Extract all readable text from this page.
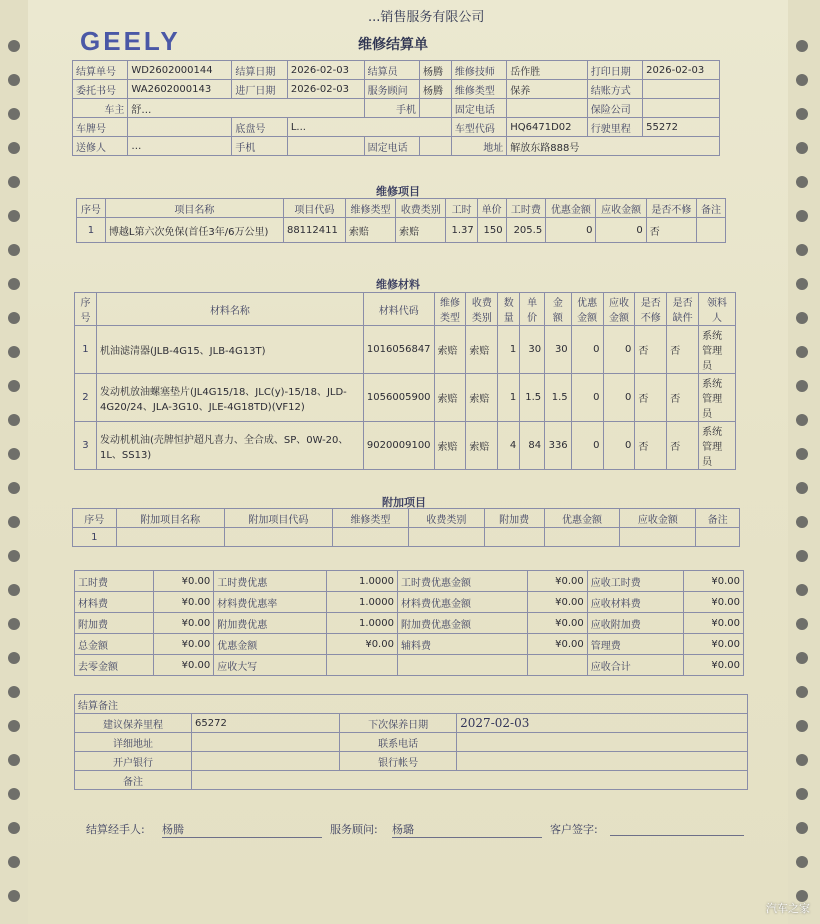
...销售服务有限公司
GEELY	维修结算单
结算单号	WD2602000144	结算日期	2026-02-03	结算员	杨腾	维修技师	岳作胜	打印日期	2026-02-03
委托书号	WA2602000143	进厂日期	2026-02-03	服务顾问	杨腾	维修类型	保养	结账方式	
车主	舒…			手机		固定电话		保险公司	
车牌号		底盘号	L...			车型代码	HQ6471D02	行驶里程	55272
送修人	…	手机		固定电话		地址	解放东路888号		
维修项目
序号	项目名称	项目代码	维修类型	收费类别	工时	单价	工时费	优惠金额	应收金额	是否不修	备注
1	博越L第六次免保(首任3年/6万公里)	88112411	索赔	索赔	1.37	150	205.5	0	0	否	
维修材料
序号	材料名称	材料代码	维修类型	收费类别	数量	单价	金额	优惠金额	应收金额	是否不修	是否缺件	领料人
1	机油滤清器(JLB-4G15、JLB-4G13T)	1016056847	索赔	索赔	1	30	30	0	0	否	否	系统管理员
2	发动机放油螺塞垫片(JL4G15/18、JLC(y)-15/18、JLD-4G20/24、JLA-3G10、JLE-4G18TD)(VF12)	1056005900	索赔	索赔	1	1.5	1.5	0	0	否	否	系统管理员
3	发动机机油(壳牌恒护超凡喜力、全合成、SP、0W-20、1L、SS13)	9020009100	索赔	索赔	4	84	336	0	0	否	否	系统管理员
附加项目
序号	附加项目名称	附加项目代码	维修类型	收费类别	附加费	优惠金额	应收金额	备注
1								
工时费	¥0.00	工时费优惠	1.0000	工时费优惠金额	¥0.00	应收工时费	¥0.00
材料费	¥0.00	材料费优惠率	1.0000	材料费优惠金额	¥0.00	应收材料费	¥0.00
附加费	¥0.00	附加费优惠	1.0000	附加费优惠金额	¥0.00	应收附加费	¥0.00
总金额	¥0.00	优惠金额	¥0.00	辅料费	¥0.00	管理费	¥0.00
去零金额	¥0.00	应收大写				应收合计	¥0.00
结算备注			
建议保养里程	65272	下次保养日期	2027-02-03
详细地址		联系电话	
开户银行		银行帐号	
备注			
结算经手人: 杨腾	服务顾问: 杨璐	客户签字:
汽车之家
